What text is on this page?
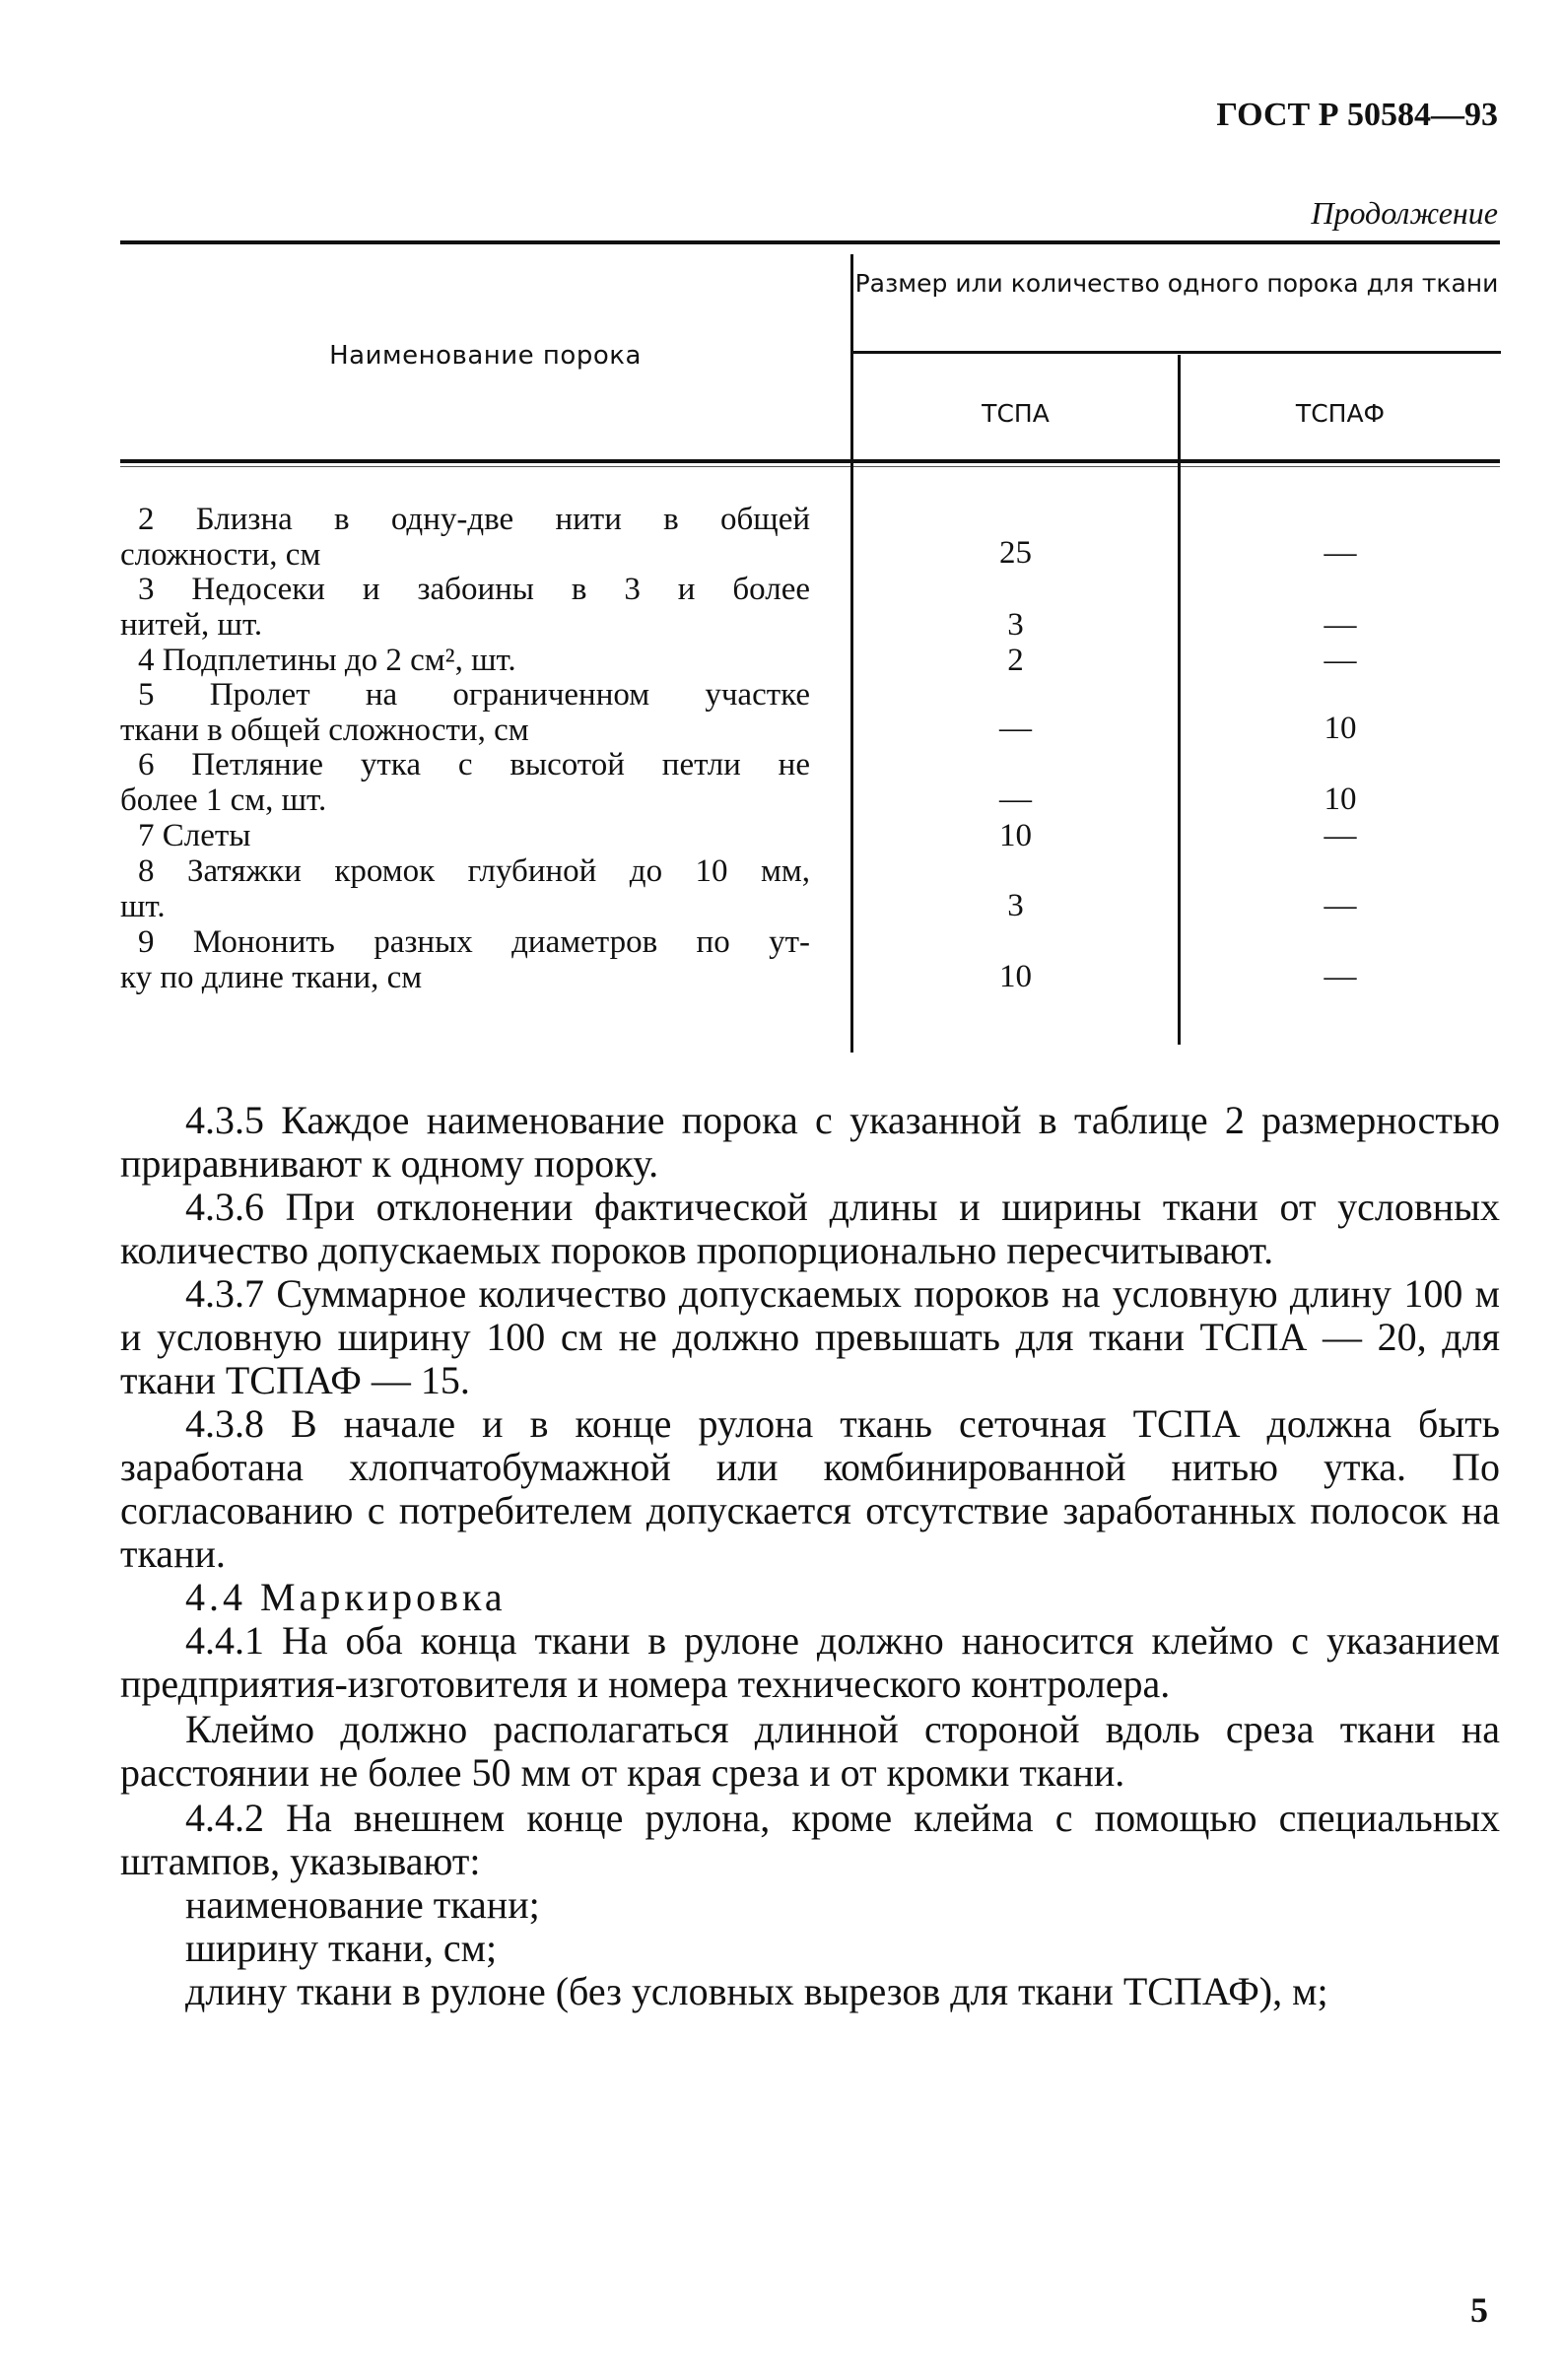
ГОСТ Р 50584—93
Продолжение
Наименование порока
Размер или количество одного порока для ткани
ТСПА	ТСПАФ
2 Близна в одну-две нити в общей
сложности, см	25	—
3 Недосеки и забоины в 3 и более
нитей, шт.	3	—
4 Подплетины до 2 см², шт.	2	—
5 Пролет на ограниченном участке
ткани в общей сложности, см	—	10
6 Петляние утка с высотой петли не
более 1 см, шт.	—	10
7 Слеты	10	—
8 Затяжки кромок глубиной до 10 мм,
шт.	3	—
9 Мононить разных диаметров по ут-
ку по длине ткани, см	10	—

4.3.5 Каждое наименование порока с указанной в таблице 2 размерностью приравнивают к одному пороку.

4.3.6 При отклонении фактической длины и ширины ткани от условных количество допускаемых пороков пропорционально пересчитывают.

4.3.7 Суммарное количество допускаемых пороков на условную длину 100 м и условную ширину 100 см не должно превышать для ткани ТСПА — 20, для ткани ТСПАФ — 15.

4.3.8 В начале и в конце рулона ткань сеточная ТСПА должна быть заработана хлопчатобумажной или комбинированной нитью утка. По согласованию с потребителем допускается отсутствие заработанных полосок на ткани.

4.4 Маркировка

4.4.1 На оба конца ткани в рулоне должно наносится клеймо с указанием предприятия-изготовителя и номера технического контролера.

Клеймо должно располагаться длинной стороной вдоль среза ткани на расстоянии не более 50 мм от края среза и от кромки ткани.

4.4.2 На внешнем конце рулона, кроме клейма с помощью специальных штампов, указывают:

наименование ткани;

ширину ткани, см;

длину ткани в рулоне (без условных вырезов для ткани ТСПАФ), м;

5
